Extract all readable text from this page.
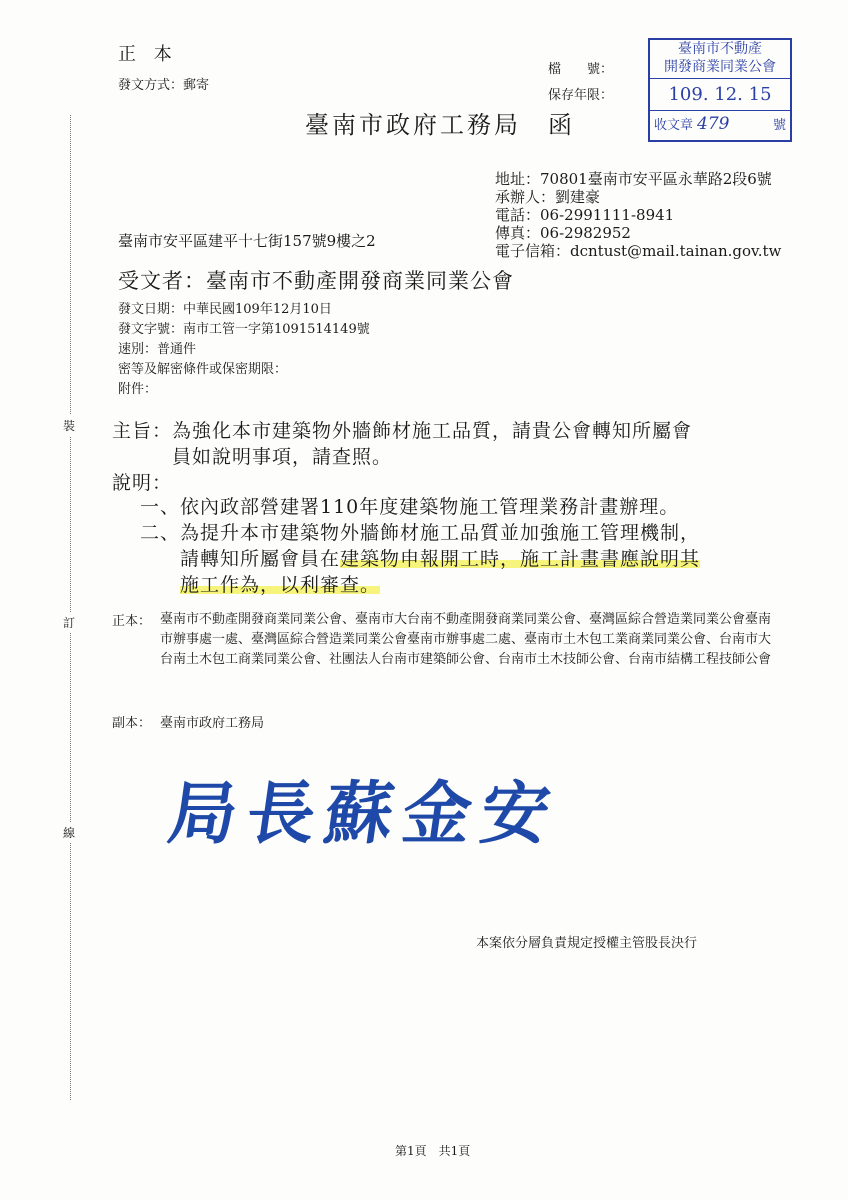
裝
訂
線
正 本
發文方式：郵寄
檔　　號：
保存年限：
臺南市政府工務局　函
臺南市不動產
開發商業同業公會
109. 12. 15
收文章 479	號
地址：70801臺南市安平區永華路2段6號
承辦人：劉建豪
電話：06-2991111-8941
傳真：06-2982952
電子信箱：dcntust@mail.tainan.gov.tw
臺南市安平區建平十七街157號9樓之2
受文者：臺南市不動產開發商業同業公會
發文日期：中華民國109年12月10日
發文字號：南市工管一字第1091514149號
速別：普通件
密等及解密條件或保密期限：
附件：
主旨： 為強化本市建築物外牆飾材施工品質，請貴公會轉知所屬會
員如說明事項，請查照。
說明：
一、依內政部營建署110年度建築物施工管理業務計畫辦理。
二、為提升本市建築物外牆飾材施工品質並加強施工管理機制，
請轉知所屬會員在建築物申報開工時，施工計畫書應說明其
施工作為，以利審查。
正本： 臺南市不動產開發商業同業公會、臺南市大台南不動產開發商業同業公會、臺灣區綜合營造業同業公會臺南市辦事處一處、臺灣區綜合營造業同業公會臺南市辦事處二處、臺南市土木包工業商業同業公會、台南市大台南土木包工商業同業公會、社團法人台南市建築師公會、台南市土木技師公會、台南市結構工程技師公會
副本： 臺南市政府工務局
局長蘇金安
本案依分層負責規定授權主管股長決行
第1頁　共1頁
